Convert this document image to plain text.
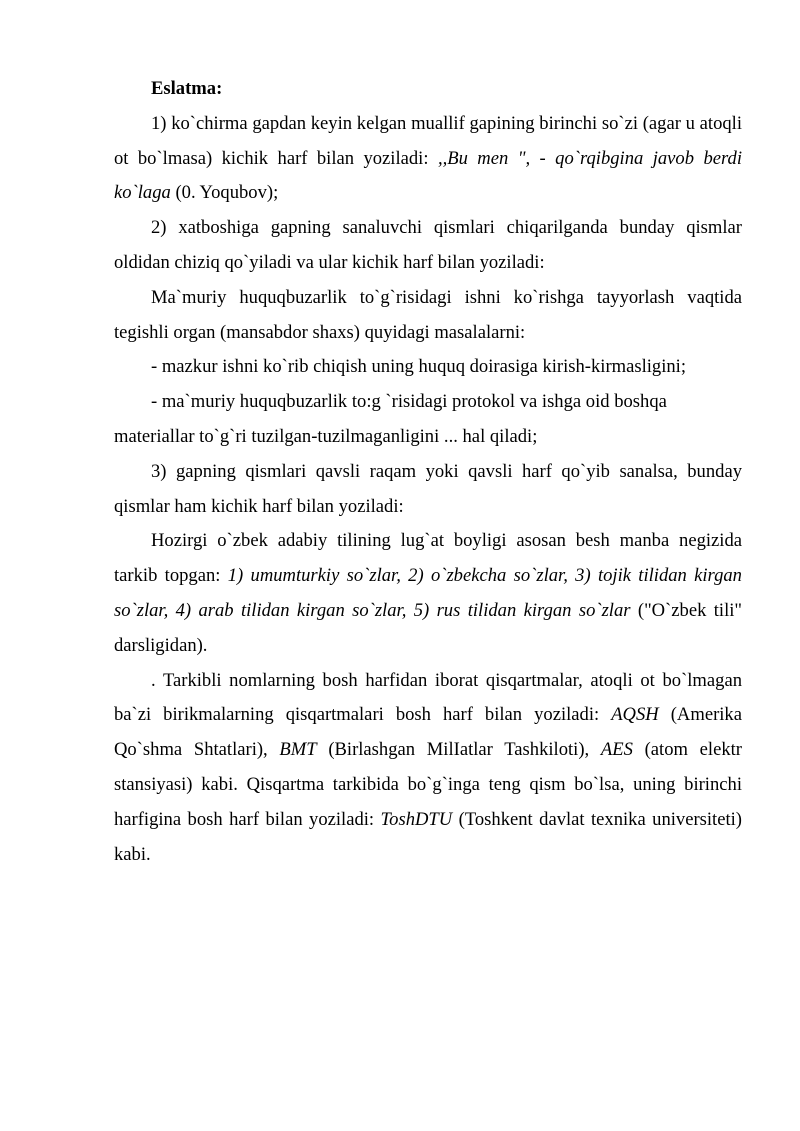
Eslatma:

1) ko`chirma gapdan keyin kelgan muallif gapining birinchi so`zi (agar u atoqli ot bo`lmasa) kichik harf bilan yoziladi: ,,Bu men ", - qo`rqibgina javob berdi ko`laga (0. Yoqubov);

2) xatboshiga gapning sanaluvchi qismlari chiqarilganda bunday qismlar oldidan chiziq qo`yiladi va ular kichik harf bilan yoziladi:

Ma`muriy huquqbuzarlik to`g`risidagi ishni ko`rishga tayyorlash vaqtida tegishli organ (mansabdor shaxs) quyidagi masalalarni:

- mazkur ishni ko`rib chiqish uning huquq doirasiga kirish-kirmasligini;

- ma`muriy huquqbuzarlik to:g `risidagi protokol va ishga oid boshqa

materiallar to`g`ri tuzilgan-tuzilmaganligini ... hal qiladi;

3) gapning qismlari qavsli raqam yoki qavsli harf qo`yib sanalsa, bunday qismlar ham kichik harf bilan yoziladi:

Hozirgi o`zbek adabiy tilining lug`at boyligi asosan besh manba negizida tarkib topgan: 1) umumturkiy so`zlar, 2) o`zbekcha so`zlar, 3) tojik tilidan kirgan so`zlar, 4) arab tilidan kirgan so`zlar, 5) rus tilidan kirgan so`zlar ("O`zbek tili" darsligidan).

. Tarkibli nomlarning bosh harfidan iborat qisqartmalar, atoqli ot bo`lmagan ba`zi birikmalarning qisqartmalari bosh harf bilan yoziladi: AQSH (Amerika Qo`shma Shtatlari), BMT (Birlashgan MilIatlar Tashkiloti), AES (atom elektr stansiyasi) kabi. Qisqartma tarkibida bo`g`inga teng qism bo`lsa, uning birinchi harfigina bosh harf bilan yoziladi: ToshDTU (Toshkent davlat texnika universiteti) kabi.
